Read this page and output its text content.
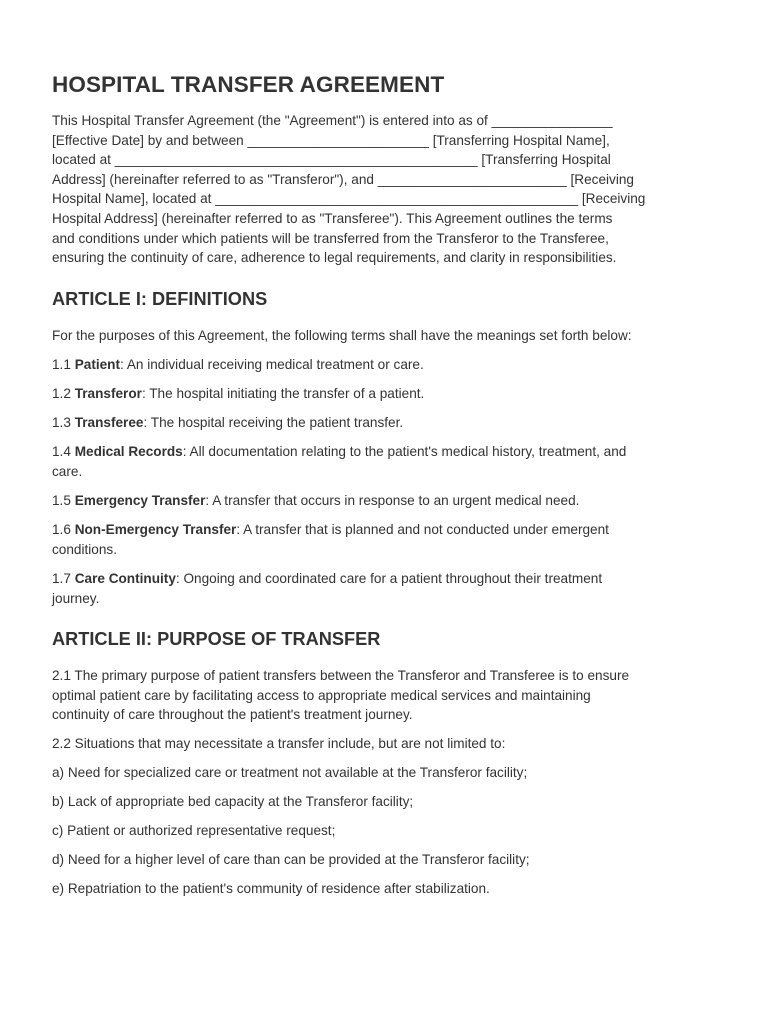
HOSPITAL TRANSFER AGREEMENT

This Hospital Transfer Agreement (the "Agreement") is entered into as of ________________
[Effective Date] by and between ________________________ [Transferring Hospital Name],
located at ________________________________________________ [Transferring Hospital
Address] (hereinafter referred to as "Transferor"), and _________________________ [Receiving
Hospital Name], located at ________________________________________________ [Receiving
Hospital Address] (hereinafter referred to as "Transferee"). This Agreement outlines the terms
and conditions under which patients will be transferred from the Transferor to the Transferee,
ensuring the continuity of care, adherence to legal requirements, and clarity in responsibilities.

ARTICLE I: DEFINITIONS

For the purposes of this Agreement, the following terms shall have the meanings set forth below:

1.1 Patient: An individual receiving medical treatment or care.

1.2 Transferor: The hospital initiating the transfer of a patient.

1.3 Transferee: The hospital receiving the patient transfer.

1.4 Medical Records: All documentation relating to the patient's medical history, treatment, and
care.

1.5 Emergency Transfer: A transfer that occurs in response to an urgent medical need.

1.6 Non-Emergency Transfer: A transfer that is planned and not conducted under emergent
conditions.

1.7 Care Continuity: Ongoing and coordinated care for a patient throughout their treatment
journey.

ARTICLE II: PURPOSE OF TRANSFER

2.1 The primary purpose of patient transfers between the Transferor and Transferee is to ensure
optimal patient care by facilitating access to appropriate medical services and maintaining
continuity of care throughout the patient's treatment journey.

2.2 Situations that may necessitate a transfer include, but are not limited to:

a) Need for specialized care or treatment not available at the Transferor facility;

b) Lack of appropriate bed capacity at the Transferor facility;

c) Patient or authorized representative request;

d) Need for a higher level of care than can be provided at the Transferor facility;

e) Repatriation to the patient's community of residence after stabilization.
